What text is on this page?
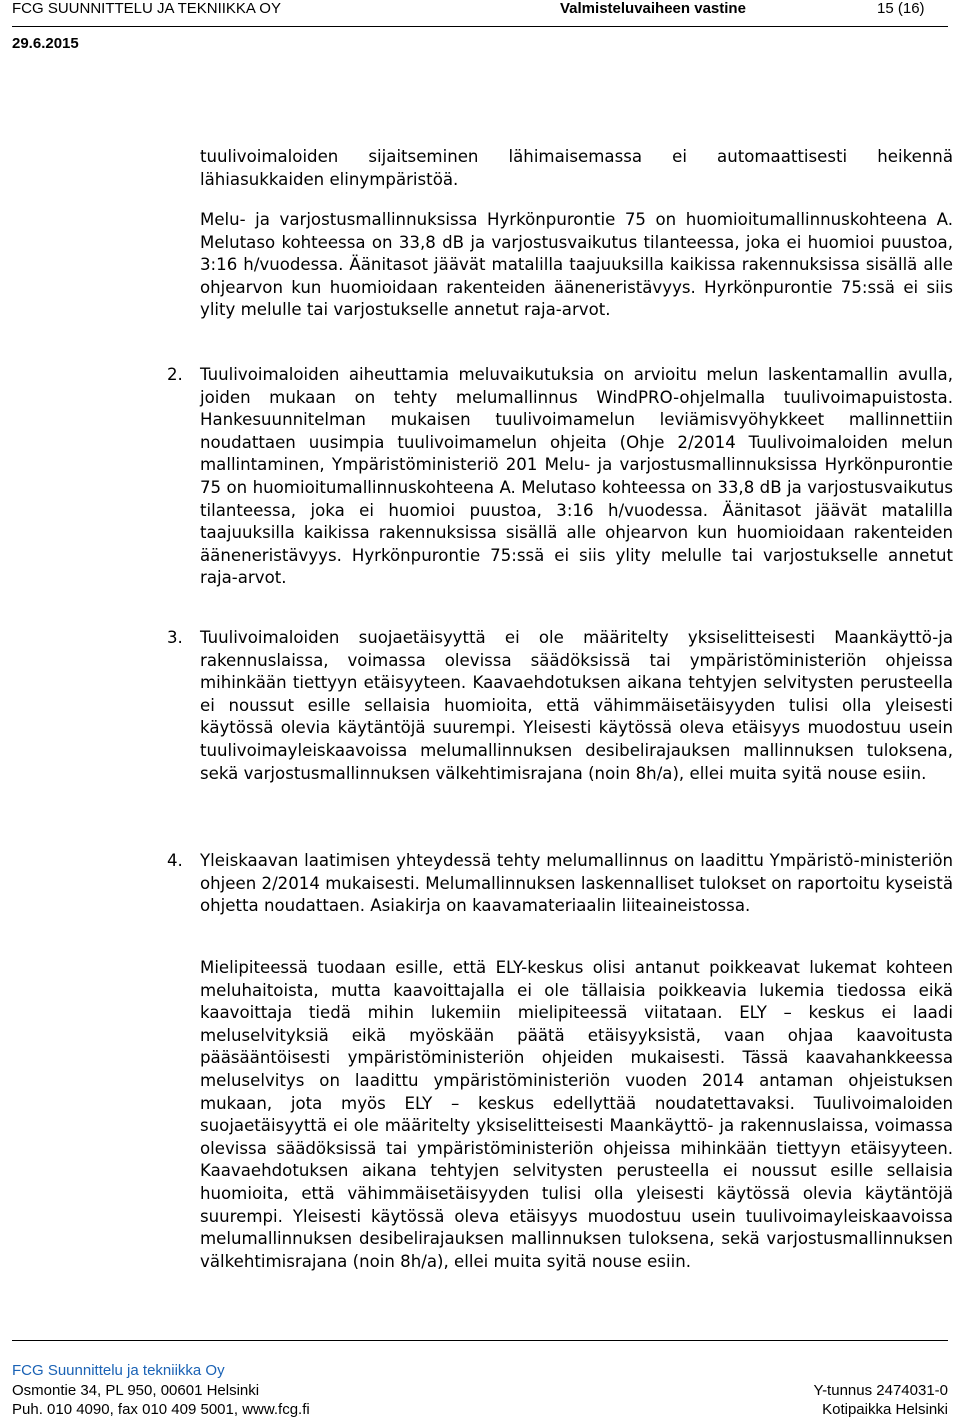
FCG SUUNNITTELU JA TEKNIIKKA OY	Valmisteluvaiheen vastine	15 (16)
29.6.2015
tuulivoimaloiden sijaitseminen lähimaisemassa ei automaattisesti heikennä lähiasukkaiden elinympäristöä.
Melu- ja varjostusmallinnuksissa Hyrkönpurontie 75 on huomioitumallinnuskohteena A. Melutaso kohteessa on 33,8 dB ja varjostusvaikutus tilanteessa, joka ei huomioi puustoa, 3:16 h/vuodessa. Äänitasot jäävät matalilla taajuuksilla kaikissa rakennuksissa sisällä alle ohjearvon kun huomioidaan rakenteiden ääneneristävyys. Hyrkönpurontie 75:ssä ei siis ylity melulle tai varjostukselle annetut raja-arvot.
2. Tuulivoimaloiden aiheuttamia meluvaikutuksia on arvioitu melun laskentamallin avulla, joiden mukaan on tehty melumallinnus WindPRO-ohjelmalla tuulivoimapuistosta. Hankesuunnitelman mukaisen tuulivoimamelun leviämisvyöhykkeet mallinnettiin noudattaen uusimpia tuulivoimamelun ohjeita (Ohje 2/2014 Tuulivoimaloiden melun mallintaminen, Ympäristöministeriö 201 Melu- ja varjostusmallinnuksissa Hyrkönpurontie 75 on huomioitumallinnuskohteena A. Melutaso kohteessa on 33,8 dB ja varjostusvaikutus tilanteessa, joka ei huomioi puustoa, 3:16 h/vuodessa. Äänitasot jäävät matalilla taajuuksilla kaikissa rakennuksissa sisällä alle ohjearvon kun huomioidaan rakenteiden ääneneristävyys. Hyrkönpurontie 75:ssä ei siis ylity melulle tai varjostukselle annetut raja-arvot.
3. Tuulivoimaloiden suojaetäisyyttä ei ole määritelty yksiselitteisesti Maankäyttö-ja rakennuslaissa, voimassa olevissa säädöksissä tai ympäristöministeriön ohjeissa mihinkään tiettyyn etäisyyteen. Kaavaehdotuksen aikana tehtyjen selvitysten perusteella ei noussut esille sellaisia huomioita, että vähimmäisetäisyyden tulisi olla yleisesti käytössä olevia käytäntöjä suurempi. Yleisesti käytössä oleva etäisyys muodostuu usein tuulivoimayleiskaavoissa melumallinnuksen desibelirajauksen mallinnuksen tuloksena, sekä varjostusmallinnuksen välkehtimisrajana (noin 8h/a), ellei muita syitä nouse esiin.
4. Yleiskaavan laatimisen yhteydessä tehty melumallinnus on laadittu Ympäristö-ministeriön ohjeen 2/2014 mukaisesti. Melumallinnuksen laskennalliset tulokset on raportoitu kyseistä ohjetta noudattaen. Asiakirja on kaavamateriaalin liiteaineistossa.
Mielipiteessä tuodaan esille, että ELY-keskus olisi antanut poikkeavat lukemat kohteen meluhaitoista, mutta kaavoittajalla ei ole tällaisia poikkeavia lukemia tiedossa eikä kaavoittaja tiedä mihin lukemiin mielipiteessä viitataan. ELY – keskus ei laadi meluselvityksiä eikä myöskään päätä etäisyyksistä, vaan ohjaa kaavoitusta pääsääntöisesti ympäristöministeriön ohjeiden mukaisesti. Tässä kaavahankkeessa meluselvitys on laadittu ympäristöministeriön vuoden 2014 antaman ohjeistuksen mukaan, jota myös ELY – keskus edellyttää noudatettavaksi. Tuulivoimaloiden suojaetäisyyttä ei ole määritelty yksiselitteisesti Maankäyttö- ja rakennuslaissa, voimassa olevissa säädöksissä tai ympäristöministeriön ohjeissa mihinkään tiettyyn etäisyyteen. Kaavaehdotuksen aikana tehtyjen selvitysten perusteella ei noussut esille sellaisia huomioita, että vähimmäisetäisyyden tulisi olla yleisesti käytössä olevia käytäntöjä suurempi. Yleisesti käytössä oleva etäisyys muodostuu usein tuulivoimayleiskaavoissa melumallinnuksen desibelirajauksen mallinnuksen tuloksena, sekä varjostusmallinnuksen välkehtimisrajana (noin 8h/a), ellei muita syitä nouse esiin.
FCG Suunnittelu ja tekniikka Oy
Osmontie 34, PL 950, 00601 Helsinki
Puh. 010 4090, fax 010 409 5001, www.fcg.fi
Y-tunnus 2474031-0
Kotipaikka Helsinki
